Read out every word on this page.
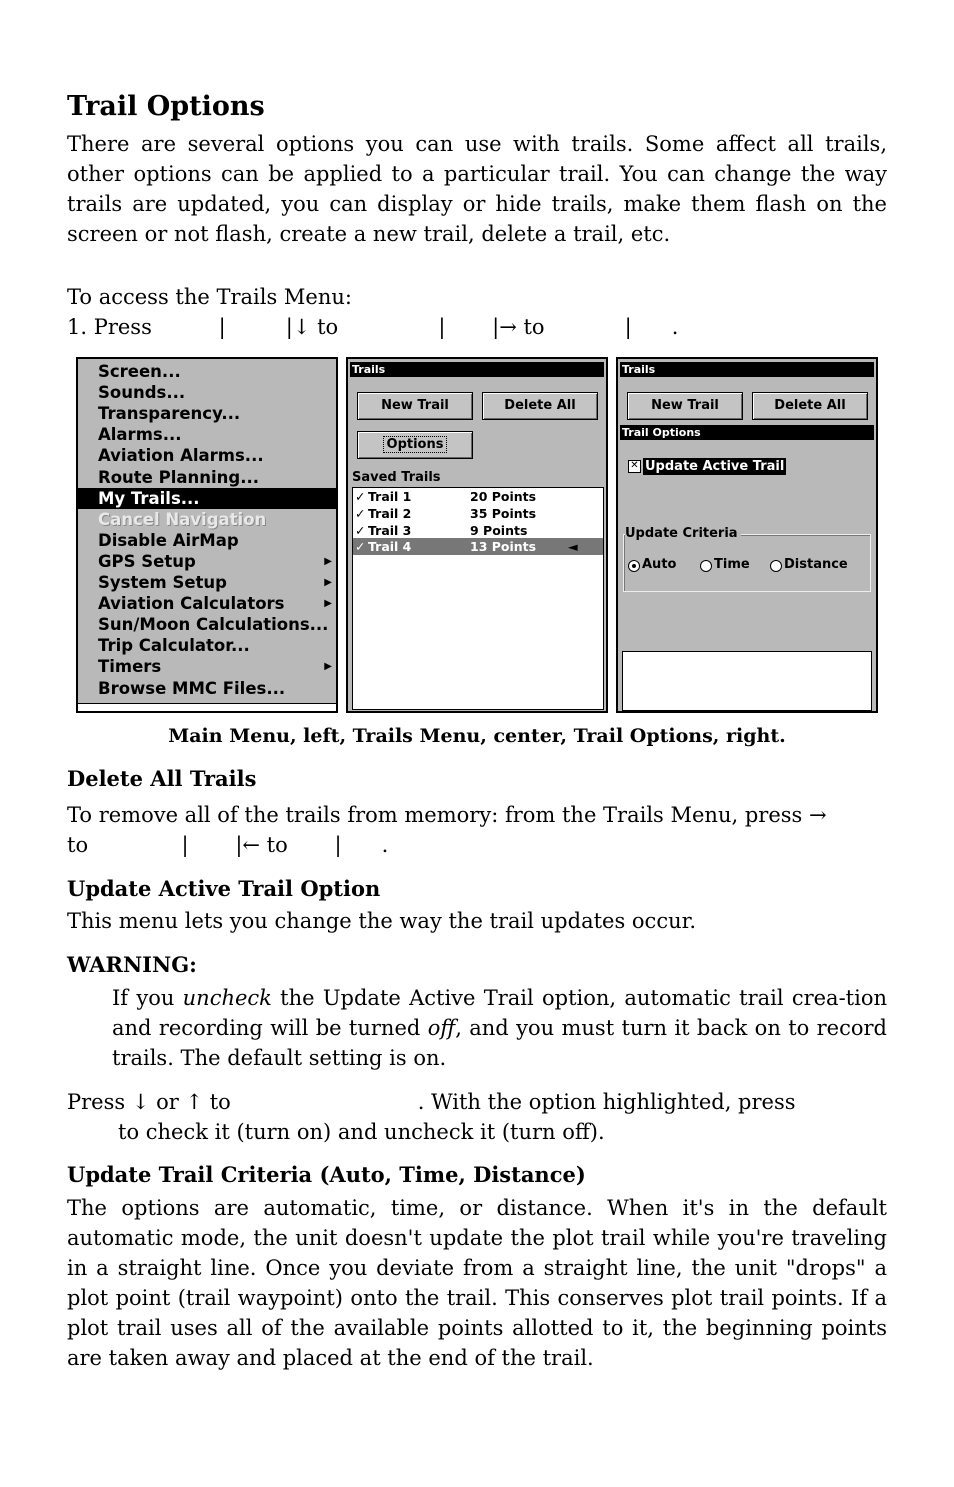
Trail Options

There are several options you can use with trails. Some affect all trails, other options can be applied to a particular trail. You can change the way trails are updated, you can display or hide trails, make them flash on the screen or not flash, create a new trail, delete a trail, etc.

To access the Trails Menu:

1. Press          |         |↓ to               |       |→ to            |      .

Screen...
Sounds...
Transparency...
Alarms...
Aviation Alarms...
Route Planning...
My Trails...
Cancel Navigation
Disable AirMap
GPS Setup	▶
System Setup	▶
Aviation Calculators	▶
Sun/Moon Calculations...
Trip Calculator...
Timers	▶
Browse MMC Files...
Trails
New Trail	Delete All
Options
Saved Trails
✓ Trail 1	20 Points
✓ Trail 2	35 Points
✓ Trail 3	9 Points
✓ Trail 4	13 Points	◄
Trails
New Trail	Delete All
Trail Options
✕ Update Active Trail
Update Criteria
Auto	Time	Distance
Main Menu, left, Trails Menu, center, Trail Options, right.
Delete All Trails

To remove all of the trails from memory: from the Trails Menu, press →

to              |       |← to       |      .

Update Active Trail Option

This menu lets you change the way the trail updates occur.

WARNING:

If you uncheck the Update Active Trail option, automatic trail crea-tion and recording will be turned off, and you must turn it back on to record trails. The default setting is on.

Press ↓ or ↑ to                            . With the option highlighted, press

to check it (turn on) and uncheck it (turn off).

Update Trail Criteria (Auto, Time, Distance)

The options are automatic, time, or distance. When it's in the default automatic mode, the unit doesn't update the plot trail while you're traveling in a straight line. Once you deviate from a straight line, the unit "drops" a plot point (trail waypoint) onto the trail. This conserves plot trail points. If a plot trail uses all of the available points allotted to it, the beginning points are taken away and placed at the end of the trail.
